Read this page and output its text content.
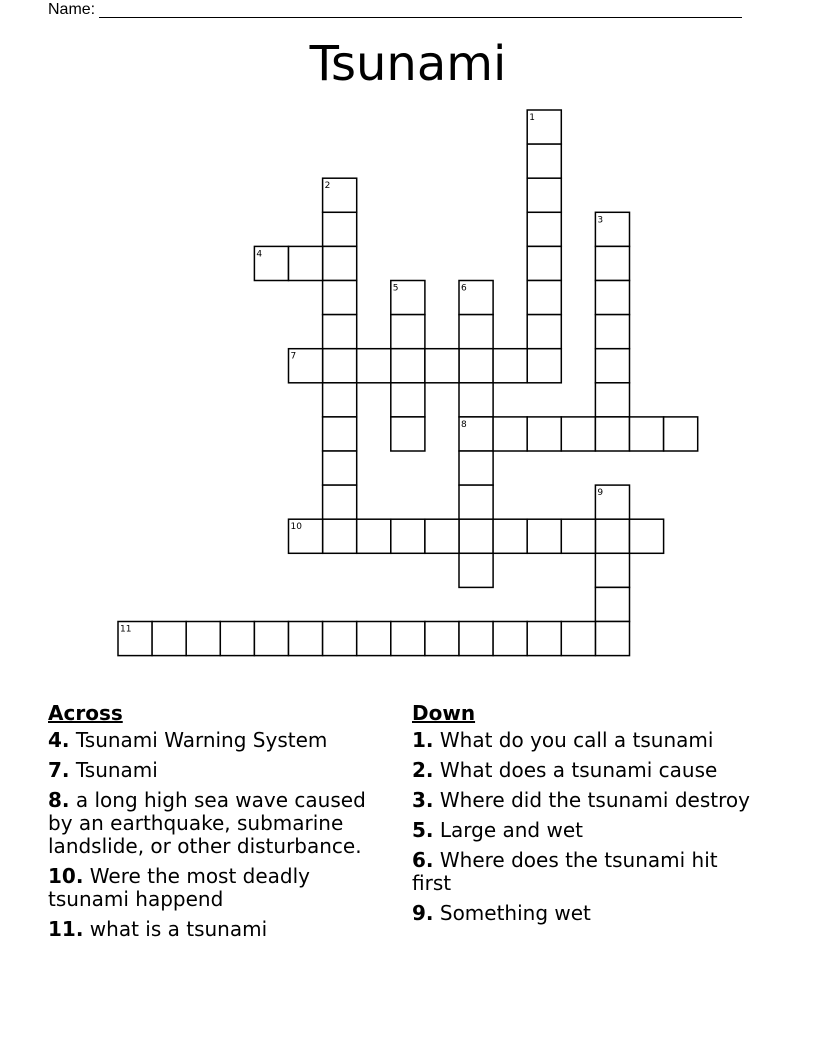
Name:
Tsunami
1
2
3
4
5	6
7
8
9
10
11
Across
4. Tsunami Warning System
7. Tsunami
8. a long high sea wave caused by an earthquake, submarine landslide, or other disturbance.
10. Were the most deadly tsunami happend
11. what is a tsunami
Down
1. What do you call a tsunami
2. What does a tsunami cause
3. Where did the tsunami destroy
5. Large and wet
6. Where does the tsunami hit first
9. Something wet
